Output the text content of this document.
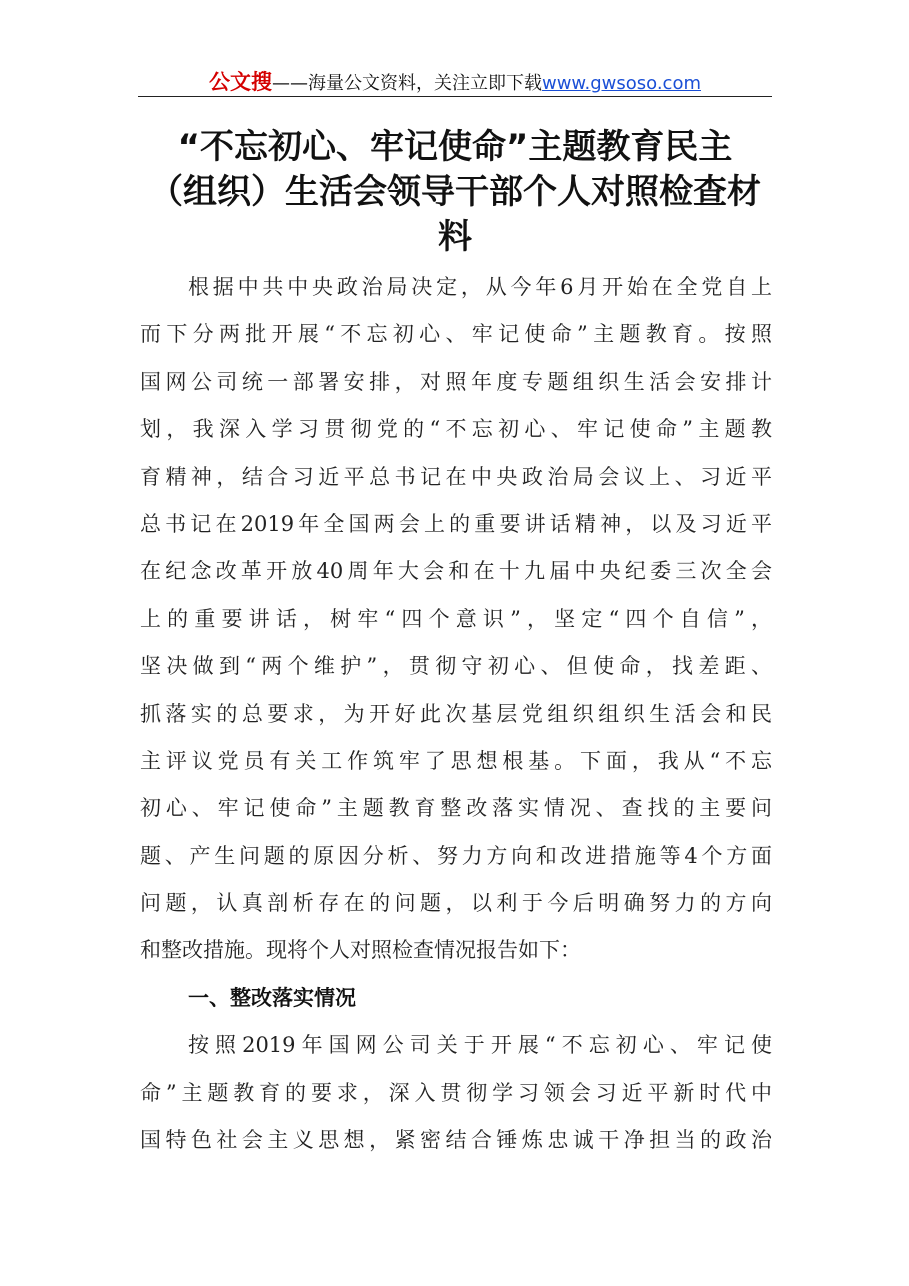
公文搜——海量公文资料，关注立即下载www.gwsoso.com
“不忘初心、牢记使命”主题教育民主
（组织）生活会领导干部个人对照检查材
料
根据中共中央政治局决定，从今年6月开始在全党自上
而下分两批开展“不忘初心、牢记使命”主题教育。按照
国网公司统一部署安排，对照年度专题组织生活会安排计
划，我深入学习贯彻党的“不忘初心、牢记使命”主题教
育精神，结合习近平总书记在中央政治局会议上、习近平
总书记在2019年全国两会上的重要讲话精神，以及习近平
在纪念改革开放40周年大会和在十九届中央纪委三次全会
上的重要讲话，树牢“四个意识”，坚定“四个自信”，
坚决做到“两个维护”，贯彻守初心、但使命，找差距、
抓落实的总要求，为开好此次基层党组织组织生活会和民
主评议党员有关工作筑牢了思想根基。下面，我从“不忘
初心、牢记使命”主题教育整改落实情况、查找的主要问
题、产生问题的原因分析、努力方向和改进措施等4个方面
问题，认真剖析存在的问题，以利于今后明确努力的方向
和整改措施。现将个人对照检查情况报告如下：
一、整改落实情况
按照2019年国网公司关于开展“不忘初心、牢记使
命”主题教育的要求，深入贯彻学习领会习近平新时代中
国特色社会主义思想，紧密结合锤炼忠诚干净担当的政治
